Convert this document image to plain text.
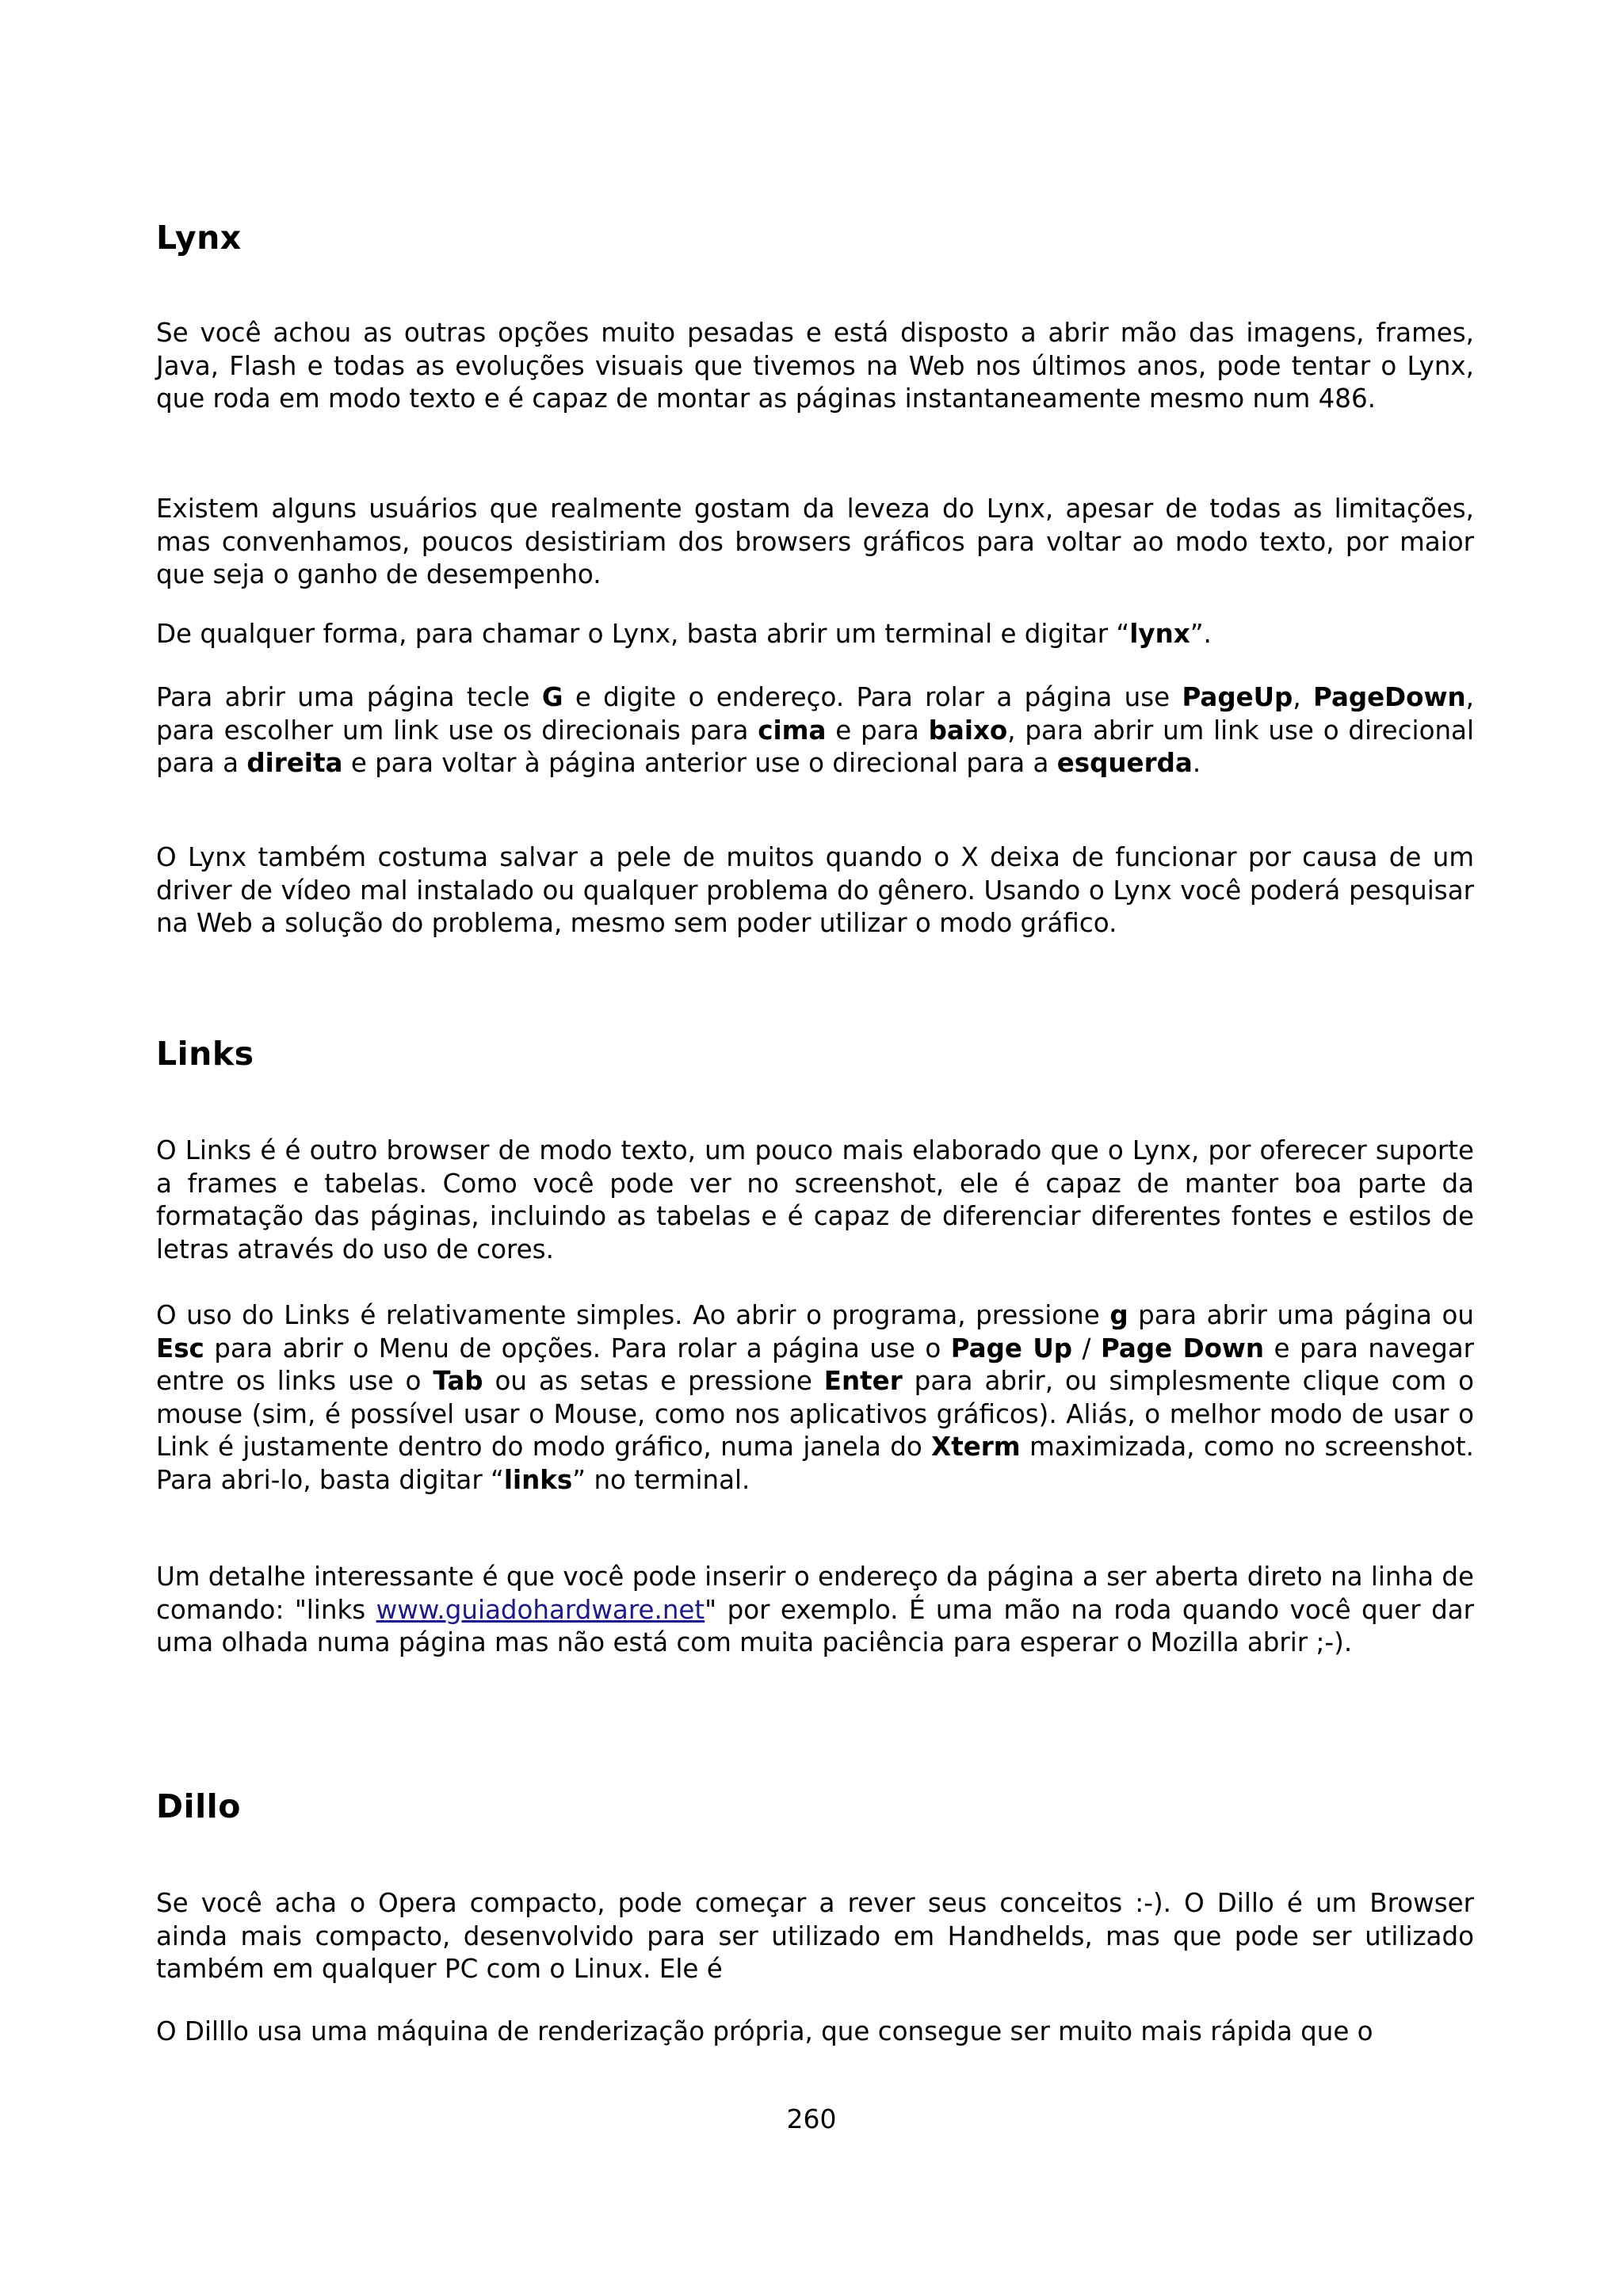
Lynx

Se você achou as outras opções muito pesadas e está disposto a abrir mão das imagens, frames, Java, Flash e todas as evoluções visuais que tivemos na Web nos últimos anos, pode tentar o Lynx, que roda em modo texto e é capaz de montar as páginas instantaneamente mesmo num 486.

Existem alguns usuários que realmente gostam da leveza do Lynx, apesar de todas as limitações, mas convenhamos, poucos desistiriam dos browsers gráficos para voltar ao modo texto, por maior que seja o ganho de desempenho.

De qualquer forma, para chamar o Lynx, basta abrir um terminal e digitar “lynx”.

Para abrir uma página tecle G e digite o endereço. Para rolar a página use PageUp, PageDown, para escolher um link use os direcionais para cima e para baixo, para abrir um link use o direcional para a direita e para voltar à página anterior use o direcional para a esquerda.

O Lynx também costuma salvar a pele de muitos quando o X deixa de funcionar por causa de um driver de vídeo mal instalado ou qualquer problema do gênero. Usando o Lynx você poderá pesquisar na Web a solução do problema, mesmo sem poder utilizar o modo gráfico.

Links

O Links é é outro browser de modo texto, um pouco mais elaborado que o Lynx, por oferecer suporte a frames e tabelas. Como você pode ver no screenshot, ele é capaz de manter boa parte da formatação das páginas, incluindo as tabelas e é capaz de diferenciar diferentes fontes e estilos de letras através do uso de cores.

O uso do Links é relativamente simples. Ao abrir o programa, pressione g para abrir uma página ou Esc para abrir o Menu de opções. Para rolar a página use o Page Up / Page Down e para navegar entre os links use o Tab ou as setas e pressione Enter para abrir, ou simplesmente clique com o mouse (sim, é possível usar o Mouse, como nos aplicativos gráficos). Aliás, o melhor modo de usar o Link é justamente dentro do modo gráfico, numa janela do Xterm maximizada, como no screenshot. Para abri-lo, basta digitar “links” no terminal.

Um detalhe interessante é que você pode inserir o endereço da página a ser aberta direto na linha de comando: "links www.guiadohardware.net" por exemplo. É uma mão na roda quando você quer dar uma olhada numa página mas não está com muita paciência para esperar o Mozilla abrir ;-).

Dillo

Se você acha o Opera compacto, pode começar a rever seus conceitos :-). O Dillo é um Browser ainda mais compacto, desenvolvido para ser utilizado em Handhelds, mas que pode ser utilizado também em qualquer PC com o Linux. Ele é

O Dilllo usa uma máquina de renderização própria, que consegue ser muito mais rápida que o

260
